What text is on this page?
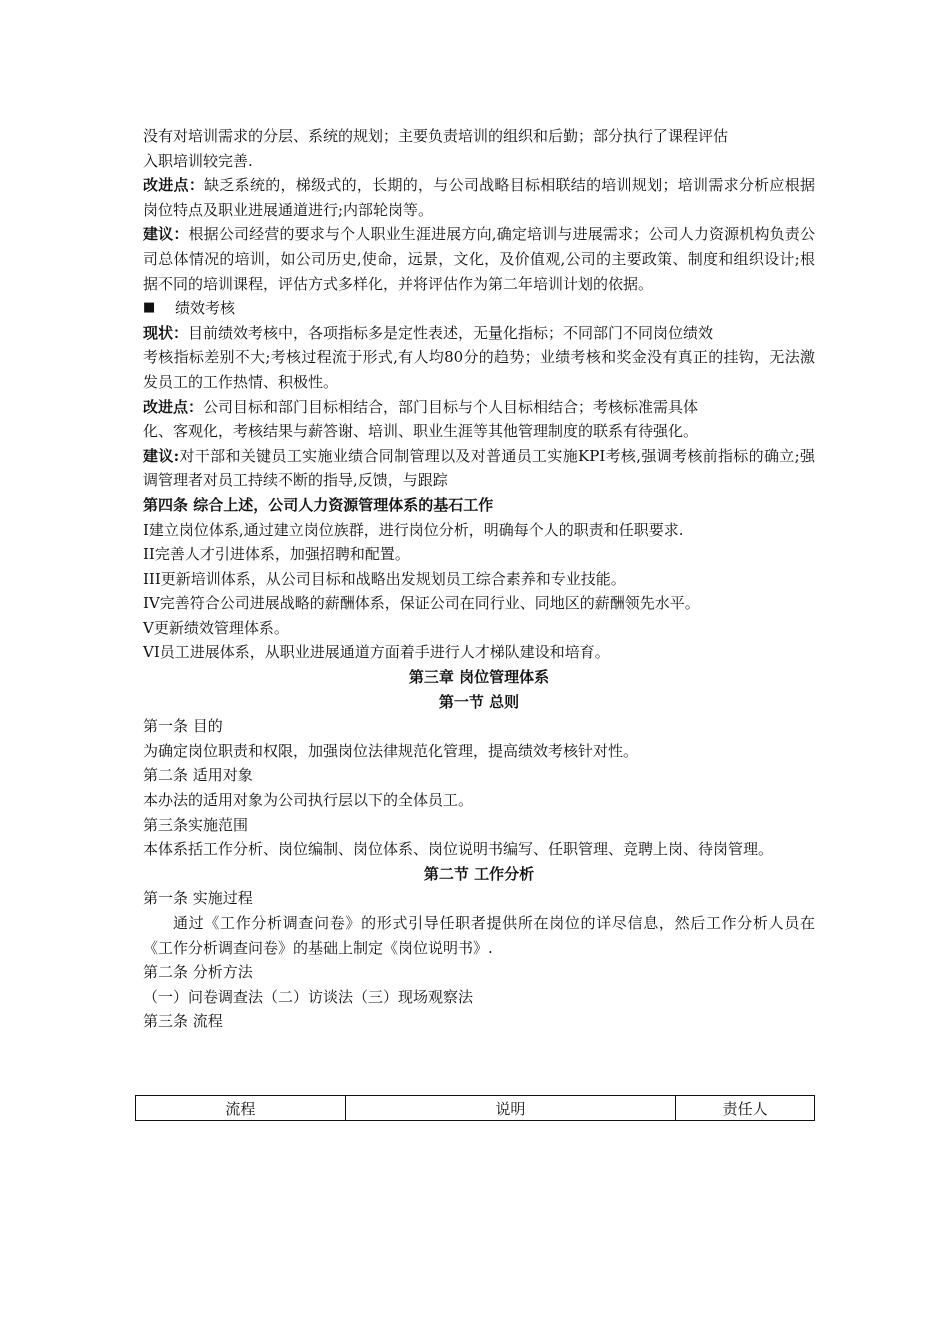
没有对培训需求的分层、系统的规划；主要负责培训的组织和后勤；部分执行了课程评估

入职培训较完善.

改进点：缺乏系统的，梯级式的，长期的，与公司战略目标相联结的培训规划；培训需求分析应根据岗位特点及职业进展通道进行;内部轮岗等。

建议：根据公司经营的要求与个人职业生涯进展方向,确定培训与进展需求；公司人力资源机构负责公司总体情况的培训，如公司历史,使命，远景，文化，及价值观,公司的主要政策、制度和组织设计;根据不同的培训课程，评估方式多样化，并将评估作为第二年培训计划的依据。

■	绩效考核

现状：目前绩效考核中，各项指标多是定性表述，无量化指标；不同部门不同岗位绩效

考核指标差别不大;考核过程流于形式,有人均80分的趋势；业绩考核和奖金没有真正的挂钩，无法激发员工的工作热情、积极性。

改进点：公司目标和部门目标相结合，部门目标与个人目标相结合；考核标准需具体

化、客观化，考核结果与薪答谢、培训、职业生涯等其他管理制度的联系有待强化。

建议:对干部和关键员工实施业绩合同制管理以及对普通员工实施KPI考核,强调考核前指标的确立;强调管理者对员工持续不断的指导,反馈，与跟踪

第四条 综合上述，公司人力资源管理体系的基石工作

I建立岗位体系,通过建立岗位族群，进行岗位分析，明确每个人的职责和任职要求.

II完善人才引进体系，加强招聘和配置。

III更新培训体系，从公司目标和战略出发规划员工综合素养和专业技能。

IV完善符合公司进展战略的薪酬体系，保证公司在同行业、同地区的薪酬领先水平。

V更新绩效管理体系。

VI员工进展体系，从职业进展通道方面着手进行人才梯队建设和培育。

第三章 岗位管理体系

第一节 总则

第一条 目的

为确定岗位职责和权限，加强岗位法律规范化管理，提高绩效考核针对性。

第二条 适用对象

本办法的适用对象为公司执行层以下的全体员工。

第三条实施范围

本体系括工作分析、岗位编制、岗位体系、岗位说明书编写、任职管理、竞聘上岗、待岗管理。

第二节 工作分析

第一条 实施过程

通过《工作分析调查问卷》的形式引导任职者提供所在岗位的详尽信息，然后工作分析人员在《工作分析调查问卷》的基础上制定《岗位说明书》.

第二条 分析方法

（一）问卷调查法（二）访谈法（三）现场观察法

第三条 流程

流程	说明	责任人
